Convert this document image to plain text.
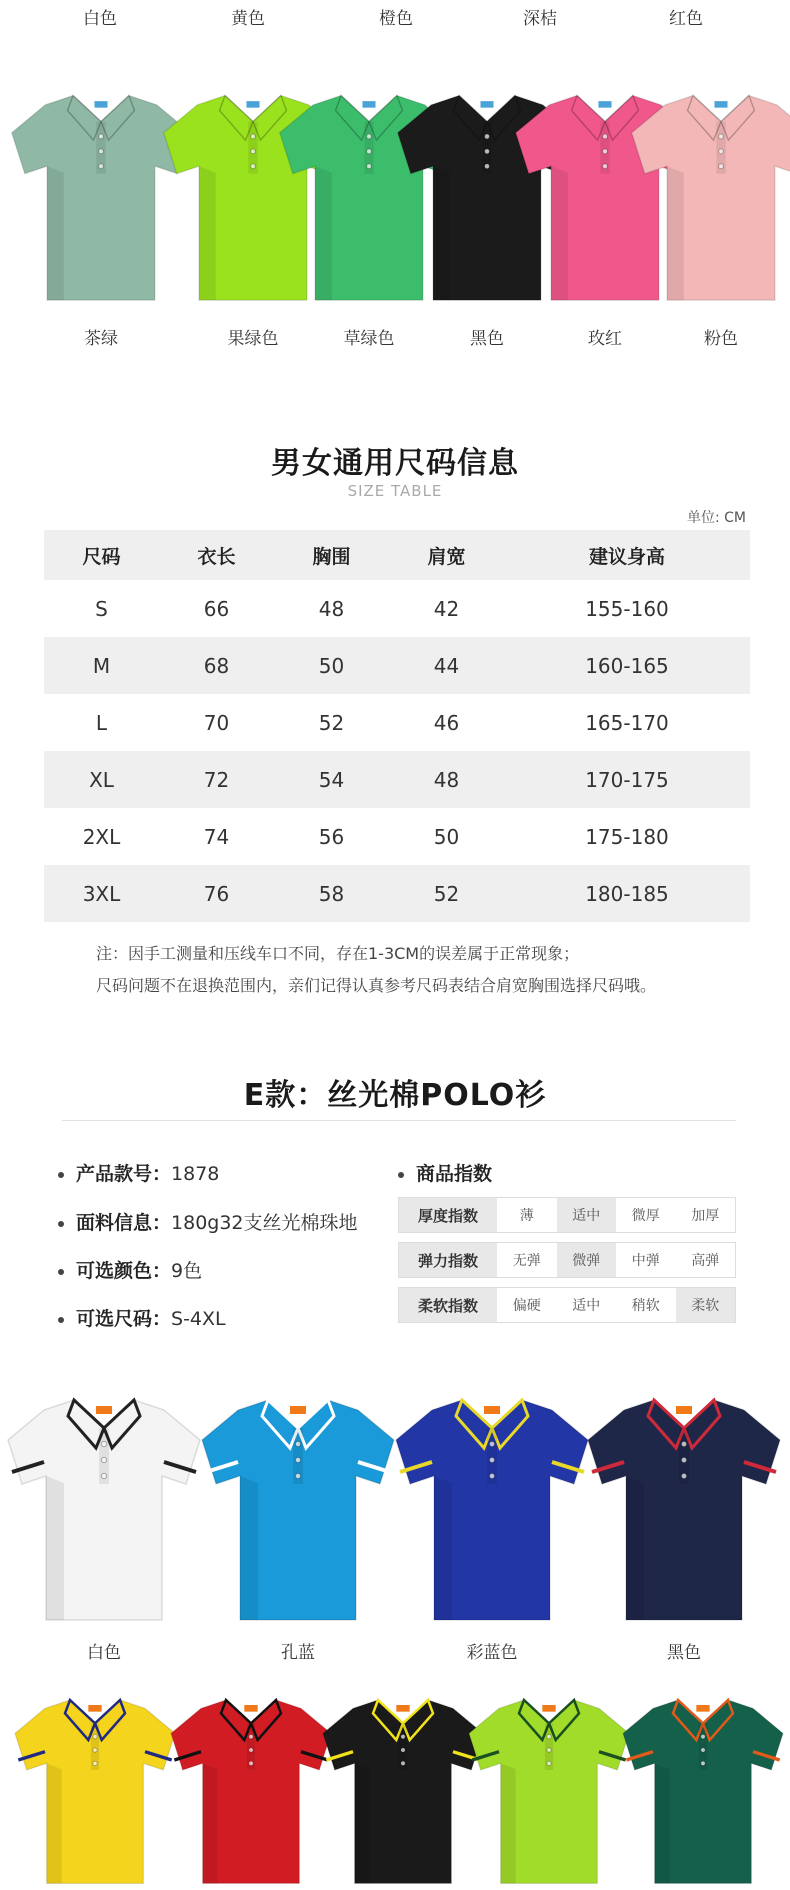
白色	黄色	橙色	深桔	红色
茶绿	果绿色	草绿色	黑色	玫红	粉色
男女通用尺码信息
SIZE TABLE
单位: CM
尺码	衣长	胸围	肩宽	建议身高
S	66	48	42	155-160
M	68	50	44	160-165
L	70	52	46	165-170
XL	72	54	48	170-175
2XL	74	56	50	175-180
3XL	76	58	52	180-185
注：因手工测量和压线车口不同，存在1-3CM的误差属于正常现象；
尺码问题不在退换范围内，亲们记得认真参考尺码表结合肩宽胸围选择尺码哦。
E款：丝光棉POLO衫
产品款号：1878
面料信息：180g32支丝光棉珠地
可选颜色：9色
可选尺码：S-4XL
商品指数
厚度指数	薄	适中	微厚	加厚
弹力指数	无弹	微弹	中弹	高弹
柔软指数	偏硬	适中	稍软	柔软
白色	孔蓝	彩蓝色	黑色
